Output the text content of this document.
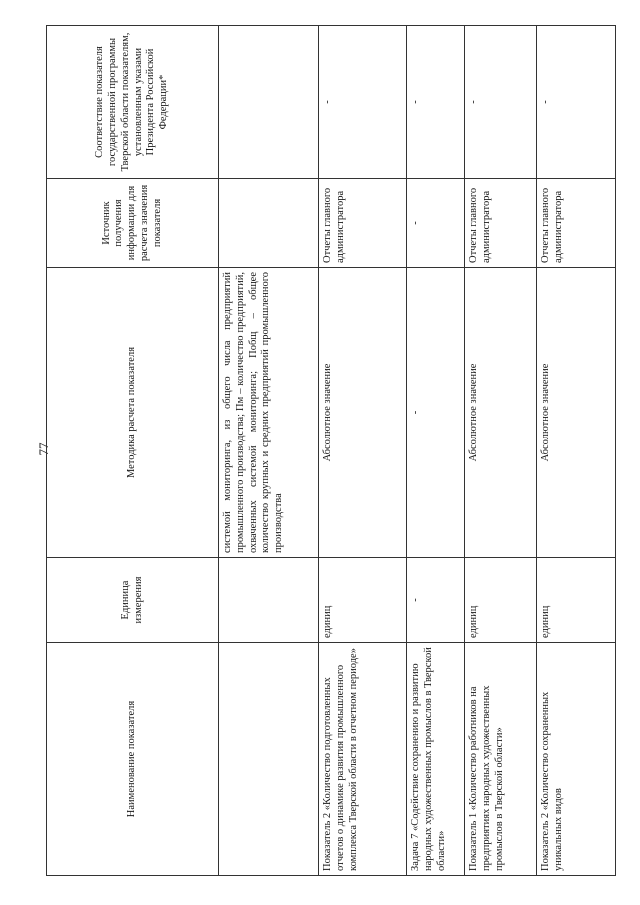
77
Наименование показателя	Единица измерения	Методика расчета показателя	Источник получения информации для расчета значения показателя	Соответствие показателя государственной программы Тверской области показателям, установленным указами Президента Российской Федерации*
		системой мониторинга, из общего числа предприятий промышленного производства; Пм – количество предприятий, охваченных системой мониторинга; Побщ – общее количество крупных и средних предприятий промышленного производства		
Показатель 2 «Количество подготовленных отчетов о динамике развития промышленного комплекса Тверской области в отчетном периоде»	единиц	Абсолютное значение	Отчеты главного администратора	-
Задача 7 «Содействие сохранению и развитию народных художественных промыслов в Тверской области»	-	-	-	-
Показатель 1 «Количество работников на предприятиях народных художественных промыслов в Тверской области»	единиц	Абсолютное значение	Отчеты главного администратора	-
Показатель 2 «Количество сохраненных уникальных видов	единиц	Абсолютное значение	Отчеты главного администратора	-
